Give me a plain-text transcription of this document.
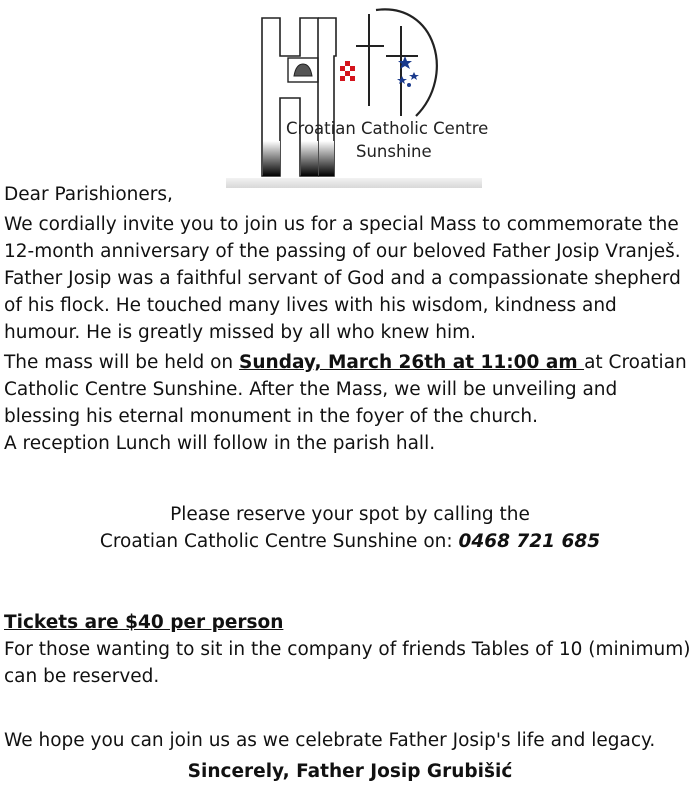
Croatian Catholic Centre
Sunshine

Dear Parishioners,

We cordially invite you to join us for a special Mass to commemorate the 12-month anniversary of the passing of our beloved Father Josip Vranješ. Father Josip was a faithful servant of God and a compassionate shepherd of his flock. He touched many lives with his wisdom, kindness and humour. He is greatly missed by all who knew him.

The mass will be held on Sunday, March 26th at 11:00 am at Croatian Catholic Centre Sunshine. After the Mass, we will be unveiling and blessing his eternal monument in the foyer of the church.

A reception Lunch will follow in the parish hall.

Please reserve your spot by calling the

Croatian Catholic Centre Sunshine on: 0468 721 685

Tickets are $40 per person

For those wanting to sit in the company of friends Tables of 10 (minimum) can be reserved.

We hope you can join us as we celebrate Father Josip's life and legacy.

Sincerely, Father Josip Grubišić
